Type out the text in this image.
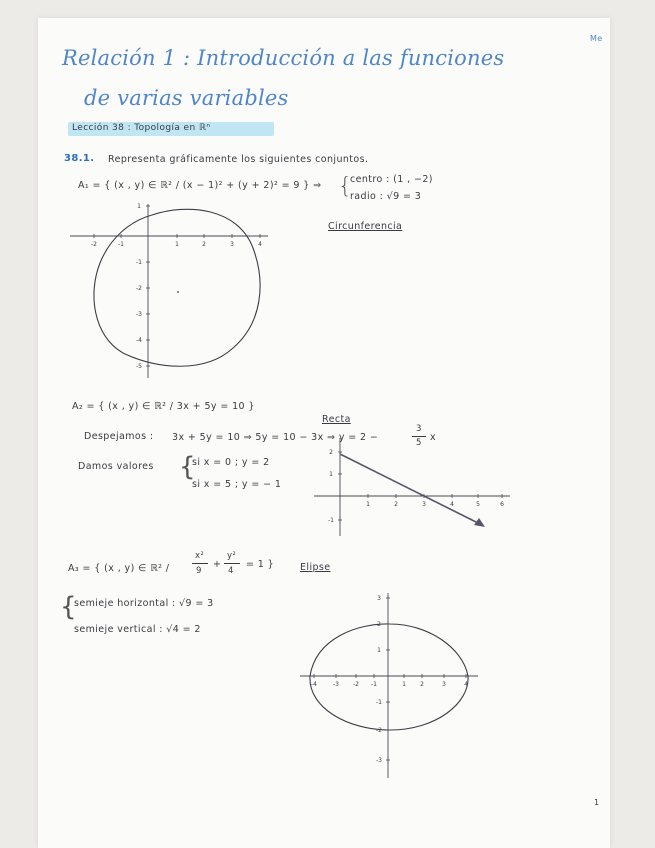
Me
Relación 1 : Introducción a las funciones
de varias variables
Lección 38 : Topología en ℝⁿ
38.1. Representa gráficamente los siguientes conjuntos.
A₁ = { (x , y) ∈ ℝ² / (x − 1)² + (y + 2)² = 9 } ⇒ {
centro : (1 , −2)
radio : √9 = 3
Circunferencia
A₂ = { (x , y) ∈ ℝ² / 3x + 5y = 10 }
Recta
Despejamos : 3x + 5y = 10 ⇒ 5y = 10 − 3x ⇒ y = 2 −
3
5 x
Damos valores {
si x = 0 ; y = 2
si x = 5 ; y = − 1
A₃ = { (x , y) ∈ ℝ² /
x²
9
+
y²
4
= 1 }	Elipse
{
semieje horizontal : √9 = 3
semieje vertical : √4 = 2
1
-2	-1	1	2	3	4
1
-1
-2
-3
-4
-5
1	2	3	4	5	6
2
1
-1
-4	-3 -2 -1	1 2	3	4
3
2
1
-1
-2
-3
